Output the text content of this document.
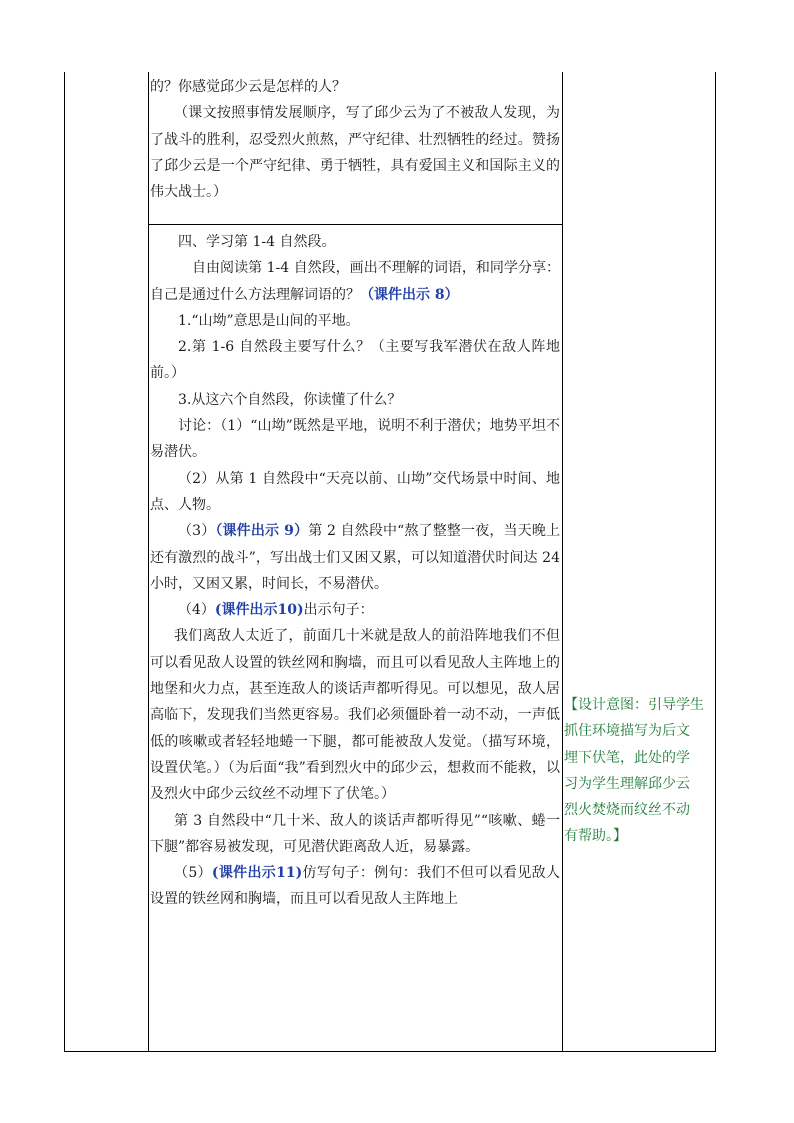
的？你感觉邱少云是怎样的人？

（课文按照事情发展顺序，写了邱少云为了不被敌人发现，为了战斗的胜利，忍受烈火煎熬，严守纪律、壮烈牺牲的经过。赞扬了邱少云是一个严守纪律、勇于牺牲，具有爱国主义和国际主义的伟大战士。）

四、学习第 1-4 自然段。

自由阅读第 1-4 自然段，画出不理解的词语，和同学分享：自己是通过什么方法理解词语的？（课件出示 8）

1.“山坳”意思是山间的平地。

2.第 1-6 自然段主要写什么？（主要写我军潜伏在敌人阵地前。）

3.从这六个自然段，你读懂了什么？

讨论：（1）“山坳”既然是平地，说明不利于潜伏；地势平坦不易潜伏。

（2）从第 1 自然段中“天亮以前、山坳”交代场景中时间、地点、人物。

（3）（课件出示 9）第 2 自然段中“熬了整整一夜，当天晚上还有激烈的战斗”，写出战士们又困又累，可以知道潜伏时间达 24 小时，又困又累，时间长，不易潜伏。

（4）(课件出示10)出示句子：

我们离敌人太近了，前面几十米就是敌人的前沿阵地我们不但可以看见敌人设置的铁丝网和胸墙，而且可以看见敌人主阵地上的地堡和火力点，甚至连敌人的谈话声都听得见。可以想见，敌人居高临下，发现我们当然更容易。我们必须僵卧着一动不动，一声低低的咳嗽或者轻轻地蜷一下腿，都可能被敌人发觉。（描写环境，设置伏笔。）（为后面“我”看到烈火中的邱少云，想救而不能救，以及烈火中邱少云纹丝不动埋下了伏笔。）

第 3 自然段中“几十米、敌人的谈话声都听得见”“咳嗽、蜷一下腿”都容易被发现，可见潜伏距离敌人近，易暴露。

（5）(课件出示11)仿写句子：例句：我们不但可以看见敌人设置的铁丝网和胸墙，而且可以看见敌人主阵地上

【设计意图：引导学生
抓住环境描写为后文
埋下伏笔，此处的学
习为学生理解邱少云
烈火焚烧而纹丝不动
有帮助。】
